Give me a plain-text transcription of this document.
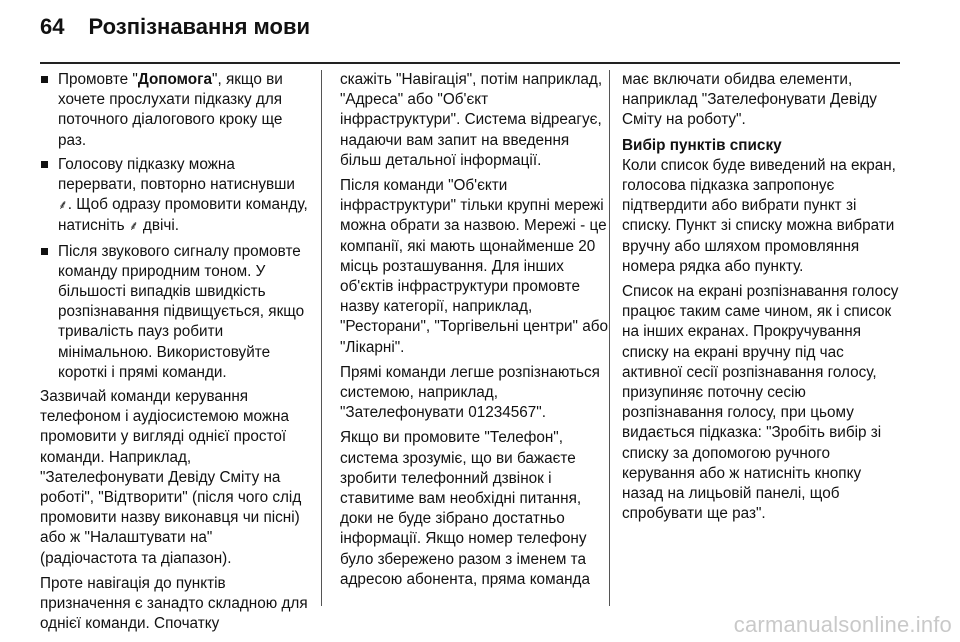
64 Розпізнавання мови
Промовте "Допомога", якщо ви хочете прослухати підказку для поточного діалогового кроку ще раз.
Голосову підказку можна перервати, повторно натиснувши ⸙. Щоб одразу промовити команду, натисніть ⸙ двічі.
Після звукового сигналу промовте команду природним тоном. У більшості випадків швидкість розпізнавання підвищується, якщо тривалість пауз робити мінімальною. Використовуйте короткі і прямі команди.

Зазвичай команди керування телефоном і аудіосистемою можна промовити у вигляді однієї простої команди. Наприклад, "Зателефонувати Девіду Сміту на роботі", "Відтворити" (після чого слід промовити назву виконавця чи пісні) або ж "Налаштувати на" (радіочастота та діапазон).

Проте навігація до пунктів призначення є занадто складною для однієї команди. Спочатку

скажіть "Навігація", потім наприклад, "Адреса" або "Об'єкт інфраструктури". Система відреагує, надаючи вам запит на введення більш детальної інформації.

Після команди "Об'єкти інфраструктури" тільки крупні мережі можна обрати за назвою. Мережі - це компанії, які мають щонайменше 20 місць розташування. Для інших об'єктів інфраструктури промовте назву категорії, наприклад, "Ресторани", "Торгівельні центри" або "Лікарні".

Прямі команди легше розпізнаються системою, наприклад, "Зателефонувати 01234567".

Якщо ви промовите "Телефон", система зрозуміє, що ви бажаєте зробити телефонний дзвінок і ставитиме вам необхідні питання, доки не буде зібрано достатньо інформації. Якщо номер телефону було збережено разом з іменем та адресою абонента, пряма команда

має включати обидва елементи, наприклад "Зателефонувати Девіду Сміту на роботу".

Вибір пунктів списку

Коли список буде виведений на екран, голосова підказка запропонує підтвердити або вибрати пункт зі списку. Пункт зі списку можна вибрати вручну або шляхом промовляння номера рядка або пункту.

Список на екрані розпізнавання голосу працює таким саме чином, як і список на інших екранах. Прокручування списку на екрані вручну під час активної сесії розпізнавання голосу, призупиняє поточну сесію розпізнавання голосу, при цьому видається підказка: "Зробіть вибір зі списку за допомогою ручного керування або ж натисніть кнопку назад на лицьовій панелі, щоб спробувати ще раз".

carmanualsonline.info
